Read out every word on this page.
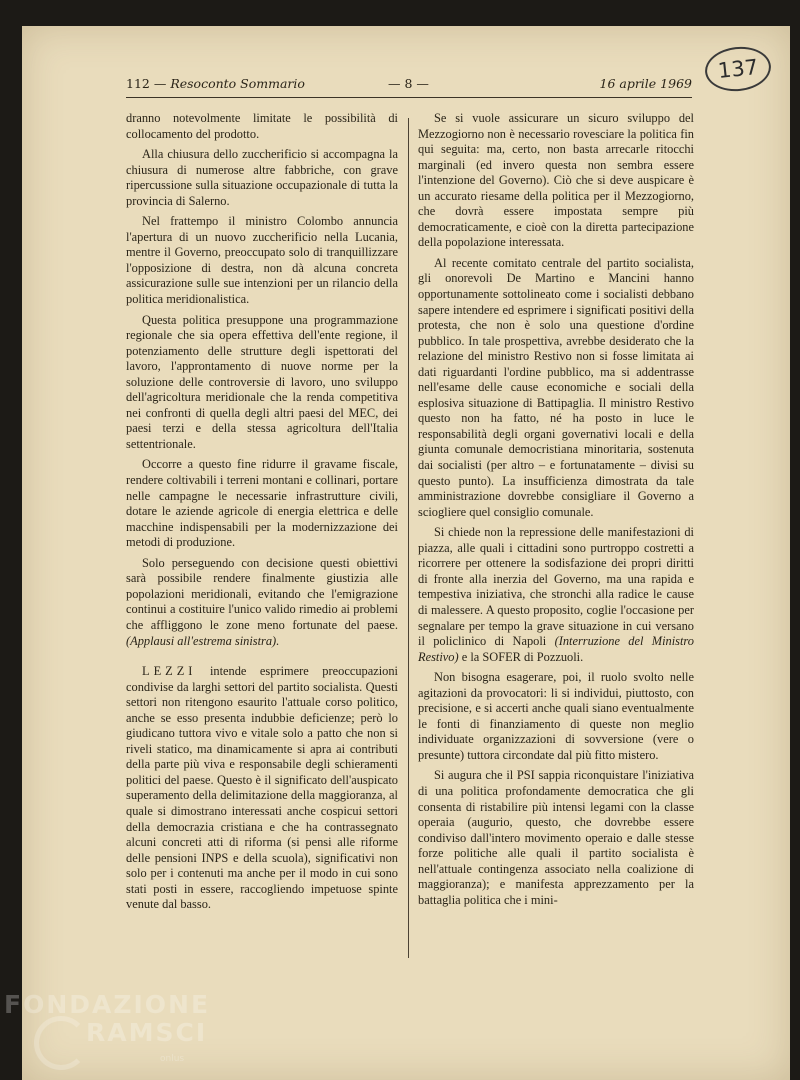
137
112 — Resoconto Sommario	— 8 —	16 aprile 1969

dranno notevolmente limitate le possibilità di collocamento del prodotto.

Alla chiusura dello zuccherificio si accompagna la chiusura di numerose altre fabbriche, con grave ripercussione sulla situazione occupazionale di tutta la provincia di Salerno.

Nel frattempo il ministro Colombo annuncia l'apertura di un nuovo zuccherificio nella Lucania, mentre il Governo, preoccupato solo di tranquillizzare l'opposizione di destra, non dà alcuna concreta assicurazione sulle sue intenzioni per un rilancio della politica meridionalistica.

Questa politica presuppone una programmazione regionale che sia opera effettiva dell'ente regione, il potenziamento delle strutture degli ispettorati del lavoro, l'approntamento di nuove norme per la soluzione delle controversie di lavoro, uno sviluppo dell'agricoltura meridionale che la renda competitiva nei confronti di quella degli altri paesi del MEC, dei paesi terzi e della stessa agricoltura dell'Italia settentrionale.

Occorre a questo fine ridurre il gravame fiscale, rendere coltivabili i terreni montani e collinari, portare nelle campagne le necessarie infrastrutture civili, dotare le aziende agricole di energia elettrica e delle macchine indispensabili per la modernizzazione dei metodi di produzione.

Solo perseguendo con decisione questi obiettivi sarà possibile rendere finalmente giustizia alle popolazioni meridionali, evitando che l'emigrazione continui a costituire l'unico valido rimedio ai problemi che affliggono le zone meno fortunate del paese. (Applausi all'estrema sinistra).

LEZZI intende esprimere preoccupazioni condivise da larghi settori del partito socialista. Questi settori non ritengono esaurito l'attuale corso politico, anche se esso presenta indubbie deficienze; però lo giudicano tuttora vivo e vitale solo a patto che non si riveli statico, ma dinamicamente si apra ai contributi della parte più viva e responsabile degli schieramenti politici del paese. Questo è il significato dell'auspicato superamento della delimitazione della maggioranza, al quale si dimostrano interessati anche cospicui settori della democrazia cristiana e che ha contrassegnato alcuni concreti atti di riforma (si pensi alle riforme delle pensioni INPS e della scuola), significativi non solo per i contenuti ma anche per il modo in cui sono stati posti in essere, raccogliendo impetuose spinte venute dal basso.

Se si vuole assicurare un sicuro sviluppo del Mezzogiorno non è necessario rovesciare la politica fin qui seguita: ma, certo, non basta arrecarle ritocchi marginali (ed invero questa non sembra essere l'intenzione del Governo). Ciò che si deve auspicare è un accurato riesame della politica per il Mezzogiorno, che dovrà essere impostata sempre più democraticamente, e cioè con la diretta partecipazione della popolazione interessata.

Al recente comitato centrale del partito socialista, gli onorevoli De Martino e Mancini hanno opportunamente sottolineato come i socialisti debbano sapere intendere ed esprimere i significati positivi della protesta, che non è solo una questione d'ordine pubblico. In tale prospettiva, avrebbe desiderato che la relazione del ministro Restivo non si fosse limitata ai dati riguardanti l'ordine pubblico, ma si addentrasse nell'esame delle cause economiche e sociali della esplosiva situazione di Battipaglia. Il ministro Restivo questo non ha fatto, né ha posto in luce le responsabilità degli organi governativi locali e della giunta comunale democristiana minoritaria, sostenuta dai socialisti (per altro – e fortunatamente – divisi su questo punto). La insufficienza dimostrata da tale amministrazione dovrebbe consigliare il Governo a sciogliere quel consiglio comunale.

Si chiede non la repressione delle manifestazioni di piazza, alle quali i cittadini sono purtroppo costretti a ricorrere per ottenere la sodisfazione dei propri diritti di fronte alla inerzia del Governo, ma una rapida e tempestiva iniziativa, che stronchi alla radice le cause di malessere. A questo proposito, coglie l'occasione per segnalare per tempo la grave situazione in cui versano il policlinico di Napoli (Interruzione del Ministro Restivo) e la SOFER di Pozzuoli.

Non bisogna esagerare, poi, il ruolo svolto nelle agitazioni da provocatori: li si individui, piuttosto, con precisione, e si accerti anche quali siano eventualmente le fonti di finanziamento di queste non meglio individuate organizzazioni di sovversione (vere o presunte) tuttora circondate dal più fitto mistero.

Si augura che il PSI sappia riconquistare l'iniziativa di una politica profondamente democratica che gli consenta di ristabilire più intensi legami con la classe operaia (augurio, questo, che dovrebbe essere condiviso dall'intero movimento operaio e dalle stesse forze politiche alle quali il partito socialista è nell'attuale contingenza associato nella coalizione di maggioranza); e manifesta apprezzamento per la battaglia politica che i mini-

FONDAZIONE
RAMSCI
onlus
